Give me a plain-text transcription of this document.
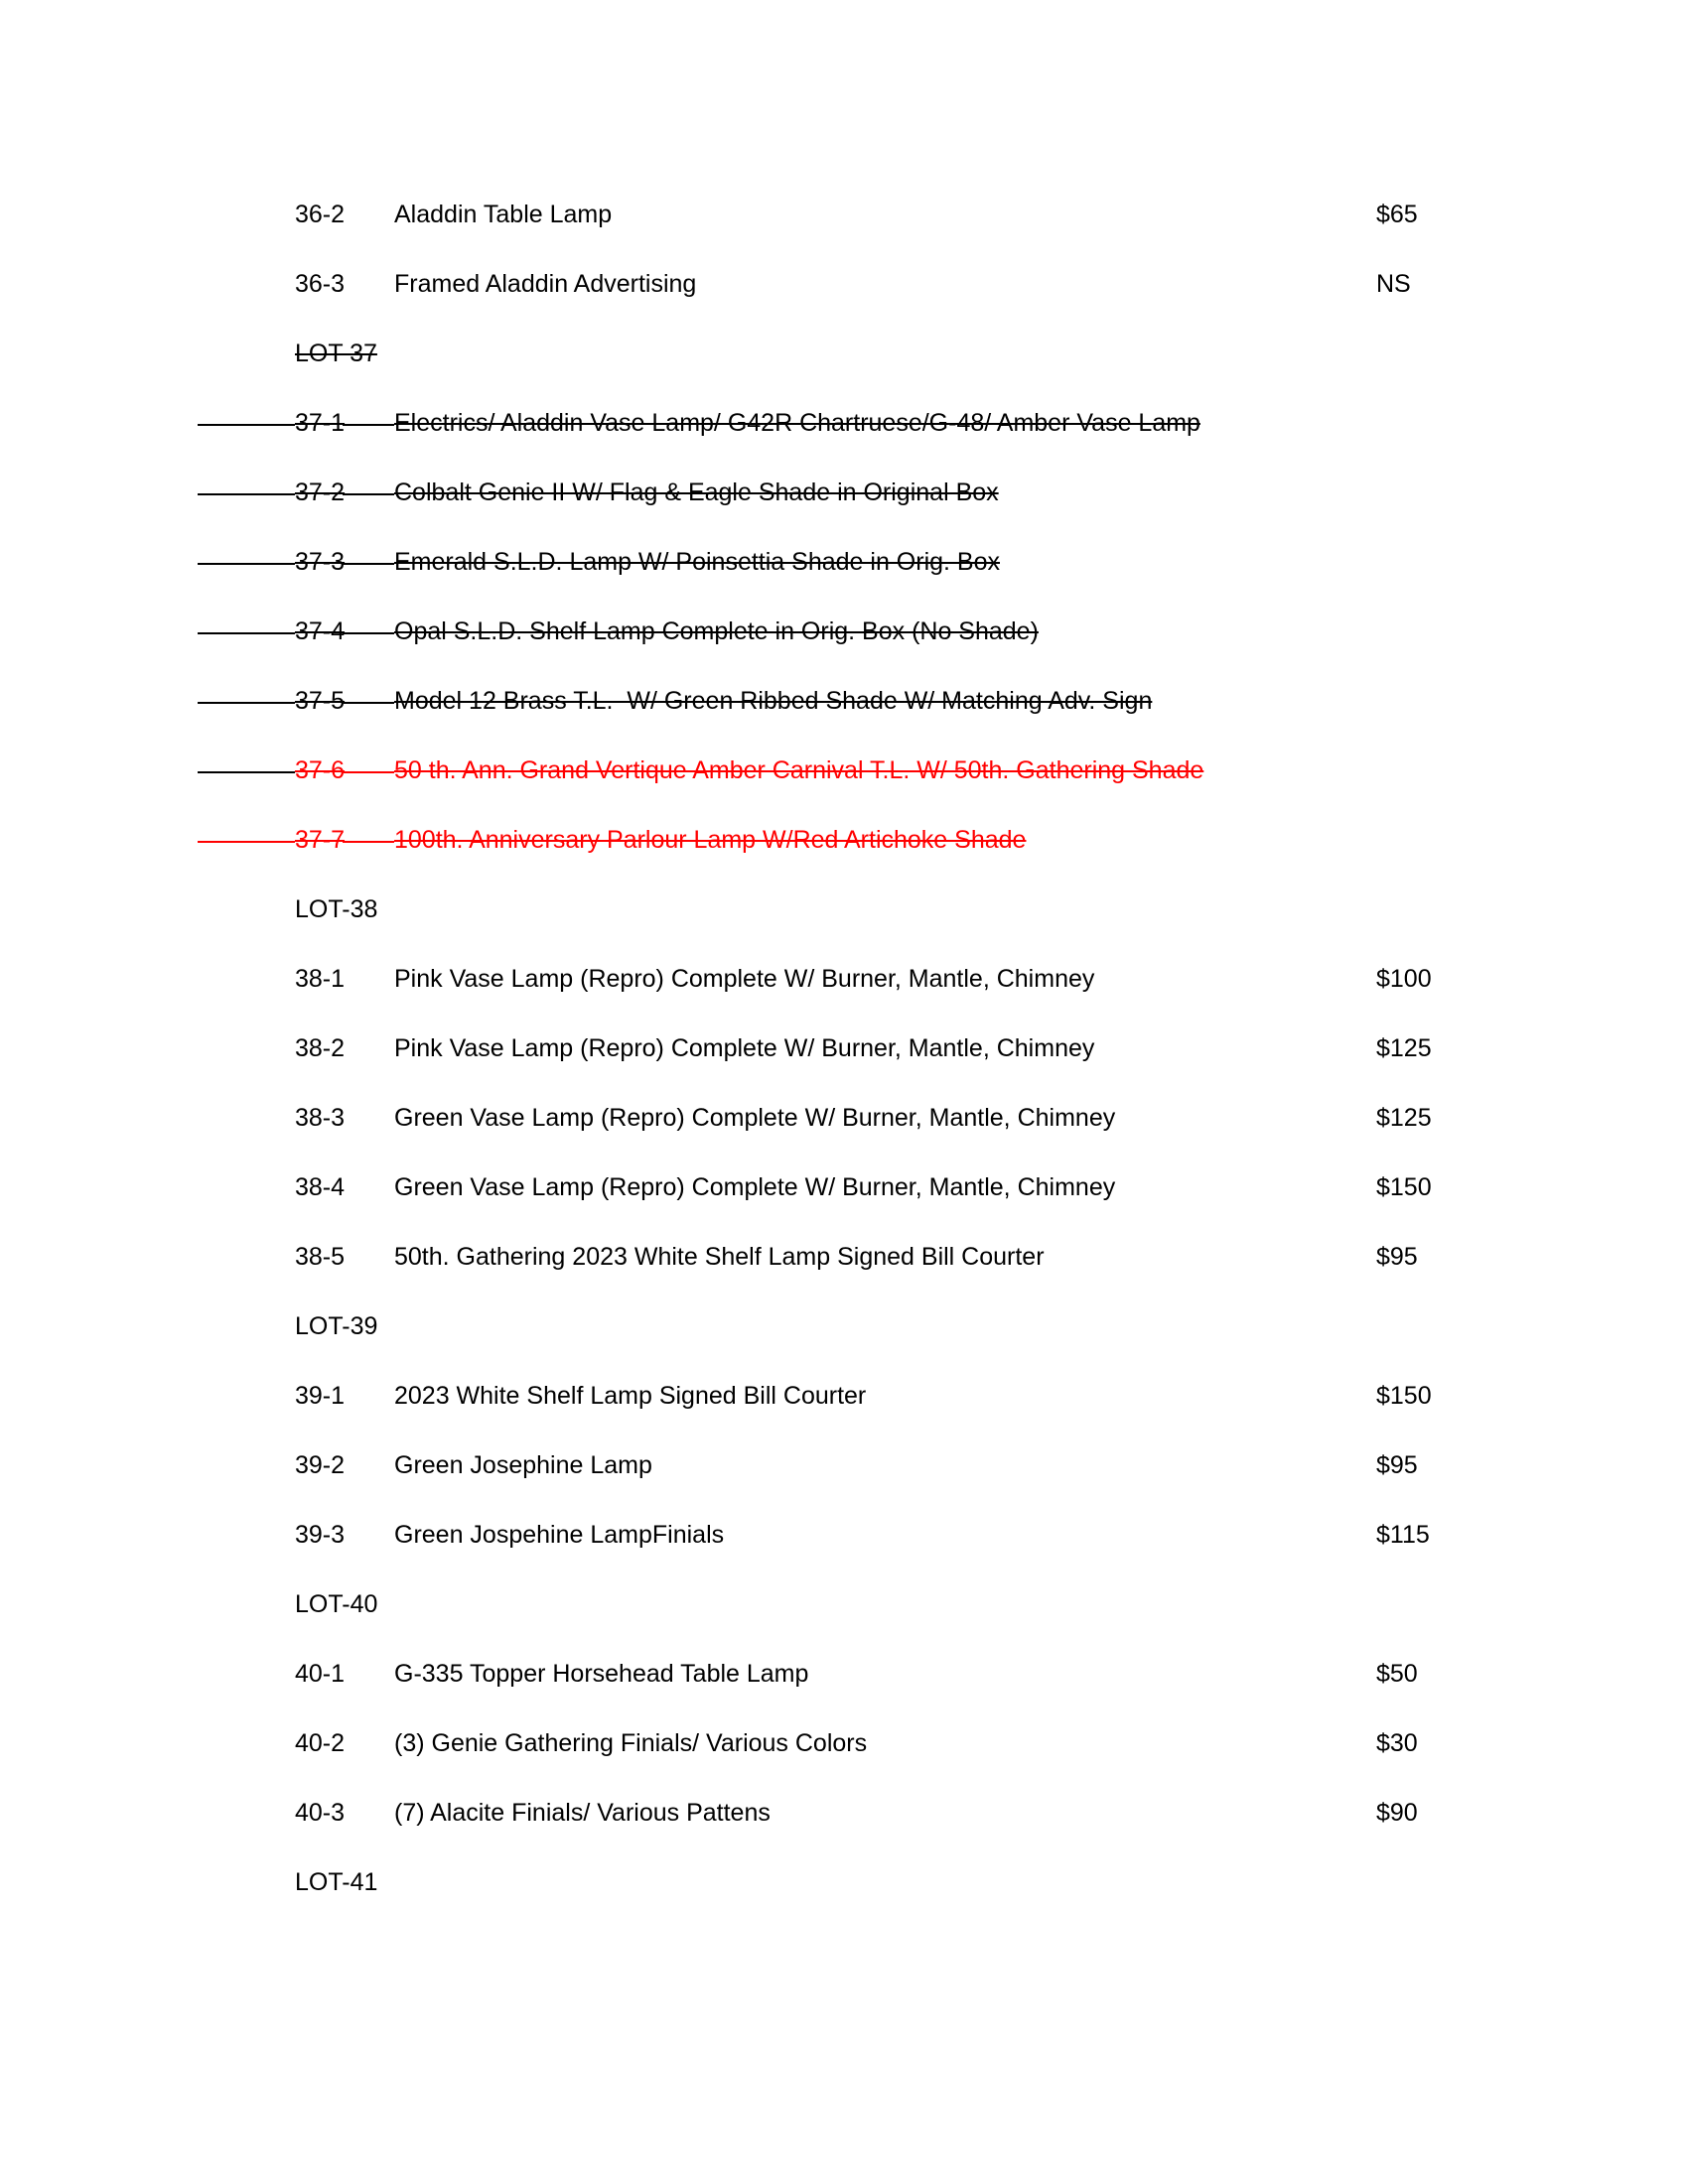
36-2 Aladdin Table Lamp	$65
36-3 Framed Aladdin Advertising	NS
LOT 37
37-1 Electrics/ Aladdin Vase Lamp/ G42R Chartruese/G-48/ Amber Vase Lamp
37-2 Colbalt Genie II W/ Flag & Eagle Shade in Original Box
37-3 Emerald S.L.D. Lamp W/ Poinsettia Shade in Orig. Box
37-4 Opal S.L.D. Shelf Lamp Complete in Orig. Box (No Shade)
37-5 Model 12 Brass T.L.  W/ Green Ribbed Shade W/ Matching Adv. Sign
37-6 50 th. Ann. Grand Vertique Amber Carnival T.L. W/ 50th. Gathering Shade
37-7 100th. Anniversary Parlour Lamp W/Red Artichoke Shade
LOT-38
38-1 Pink Vase Lamp (Repro) Complete W/ Burner, Mantle, Chimney	$100
38-2 Pink Vase Lamp (Repro) Complete W/ Burner, Mantle, Chimney	$125
38-3 Green Vase Lamp (Repro) Complete W/ Burner, Mantle, Chimney	$125
38-4 Green Vase Lamp (Repro) Complete W/ Burner, Mantle, Chimney	$150
38-5 50th. Gathering 2023 White Shelf Lamp Signed Bill Courter	$95
LOT-39
39-1 2023 White Shelf Lamp Signed Bill Courter	$150
39-2 Green Josephine Lamp	$95
39-3 Green Jospehine LampFinials	$115
LOT-40
40-1 G-335 Topper Horsehead Table Lamp	$50
40-2 (3) Genie Gathering Finials/ Various Colors	$30
40-3 (7) Alacite Finials/ Various Pattens	$90
LOT-41
